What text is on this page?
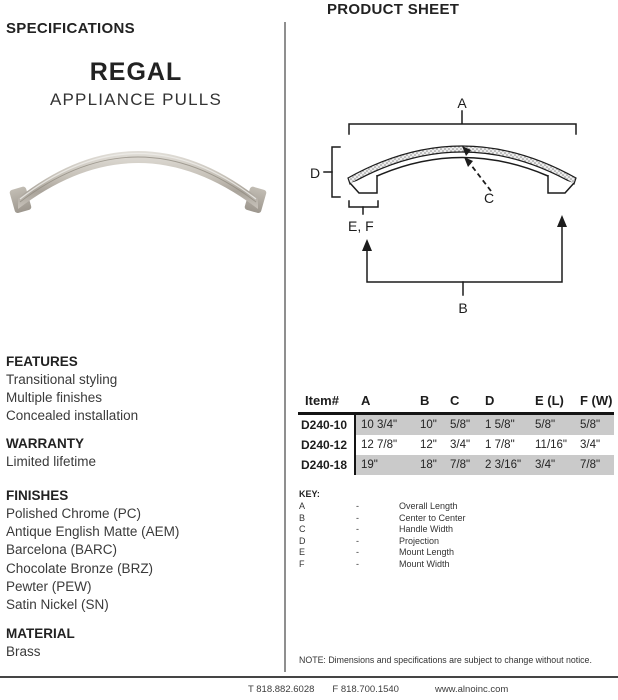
SPECIFICATIONS
REGAL
APPLIANCE PULLS
FEATURES
Transitional styling
Multiple finishes
Concealed installation
WARRANTY
Limited lifetime
FINISHES
Polished Chrome (PC)
Antique English Matte (AEM)
Barcelona (BARC)
Chocolate Bronze (BRZ)
Pewter (PEW)
Satin Nickel (SN)
MATERIAL
Brass
PRODUCT SHEET
A
D
C
E, F
B
Item#	A	B	C	D	E (L)	F (W)
D240-10	10 3/4"	10"	5/8"	1 5/8"	5/8"	5/8"
D240-12	12 7/8"	12"	3/4"	1 7/8"	11/16"	3/4"
D240-18	19"	18"	7/8"	2 3/16"	3/4"	7/8"
KEY:
A	-	Overall Length
B	-	Center to Center
C	-	Handle Width
D	-	Projection
E	-	Mount Length
F	-	Mount Width
NOTE: Dimensions and specifications are subject to change without notice.
T 818.882.6028 F 818.700.1540	www.alnoinc.com
